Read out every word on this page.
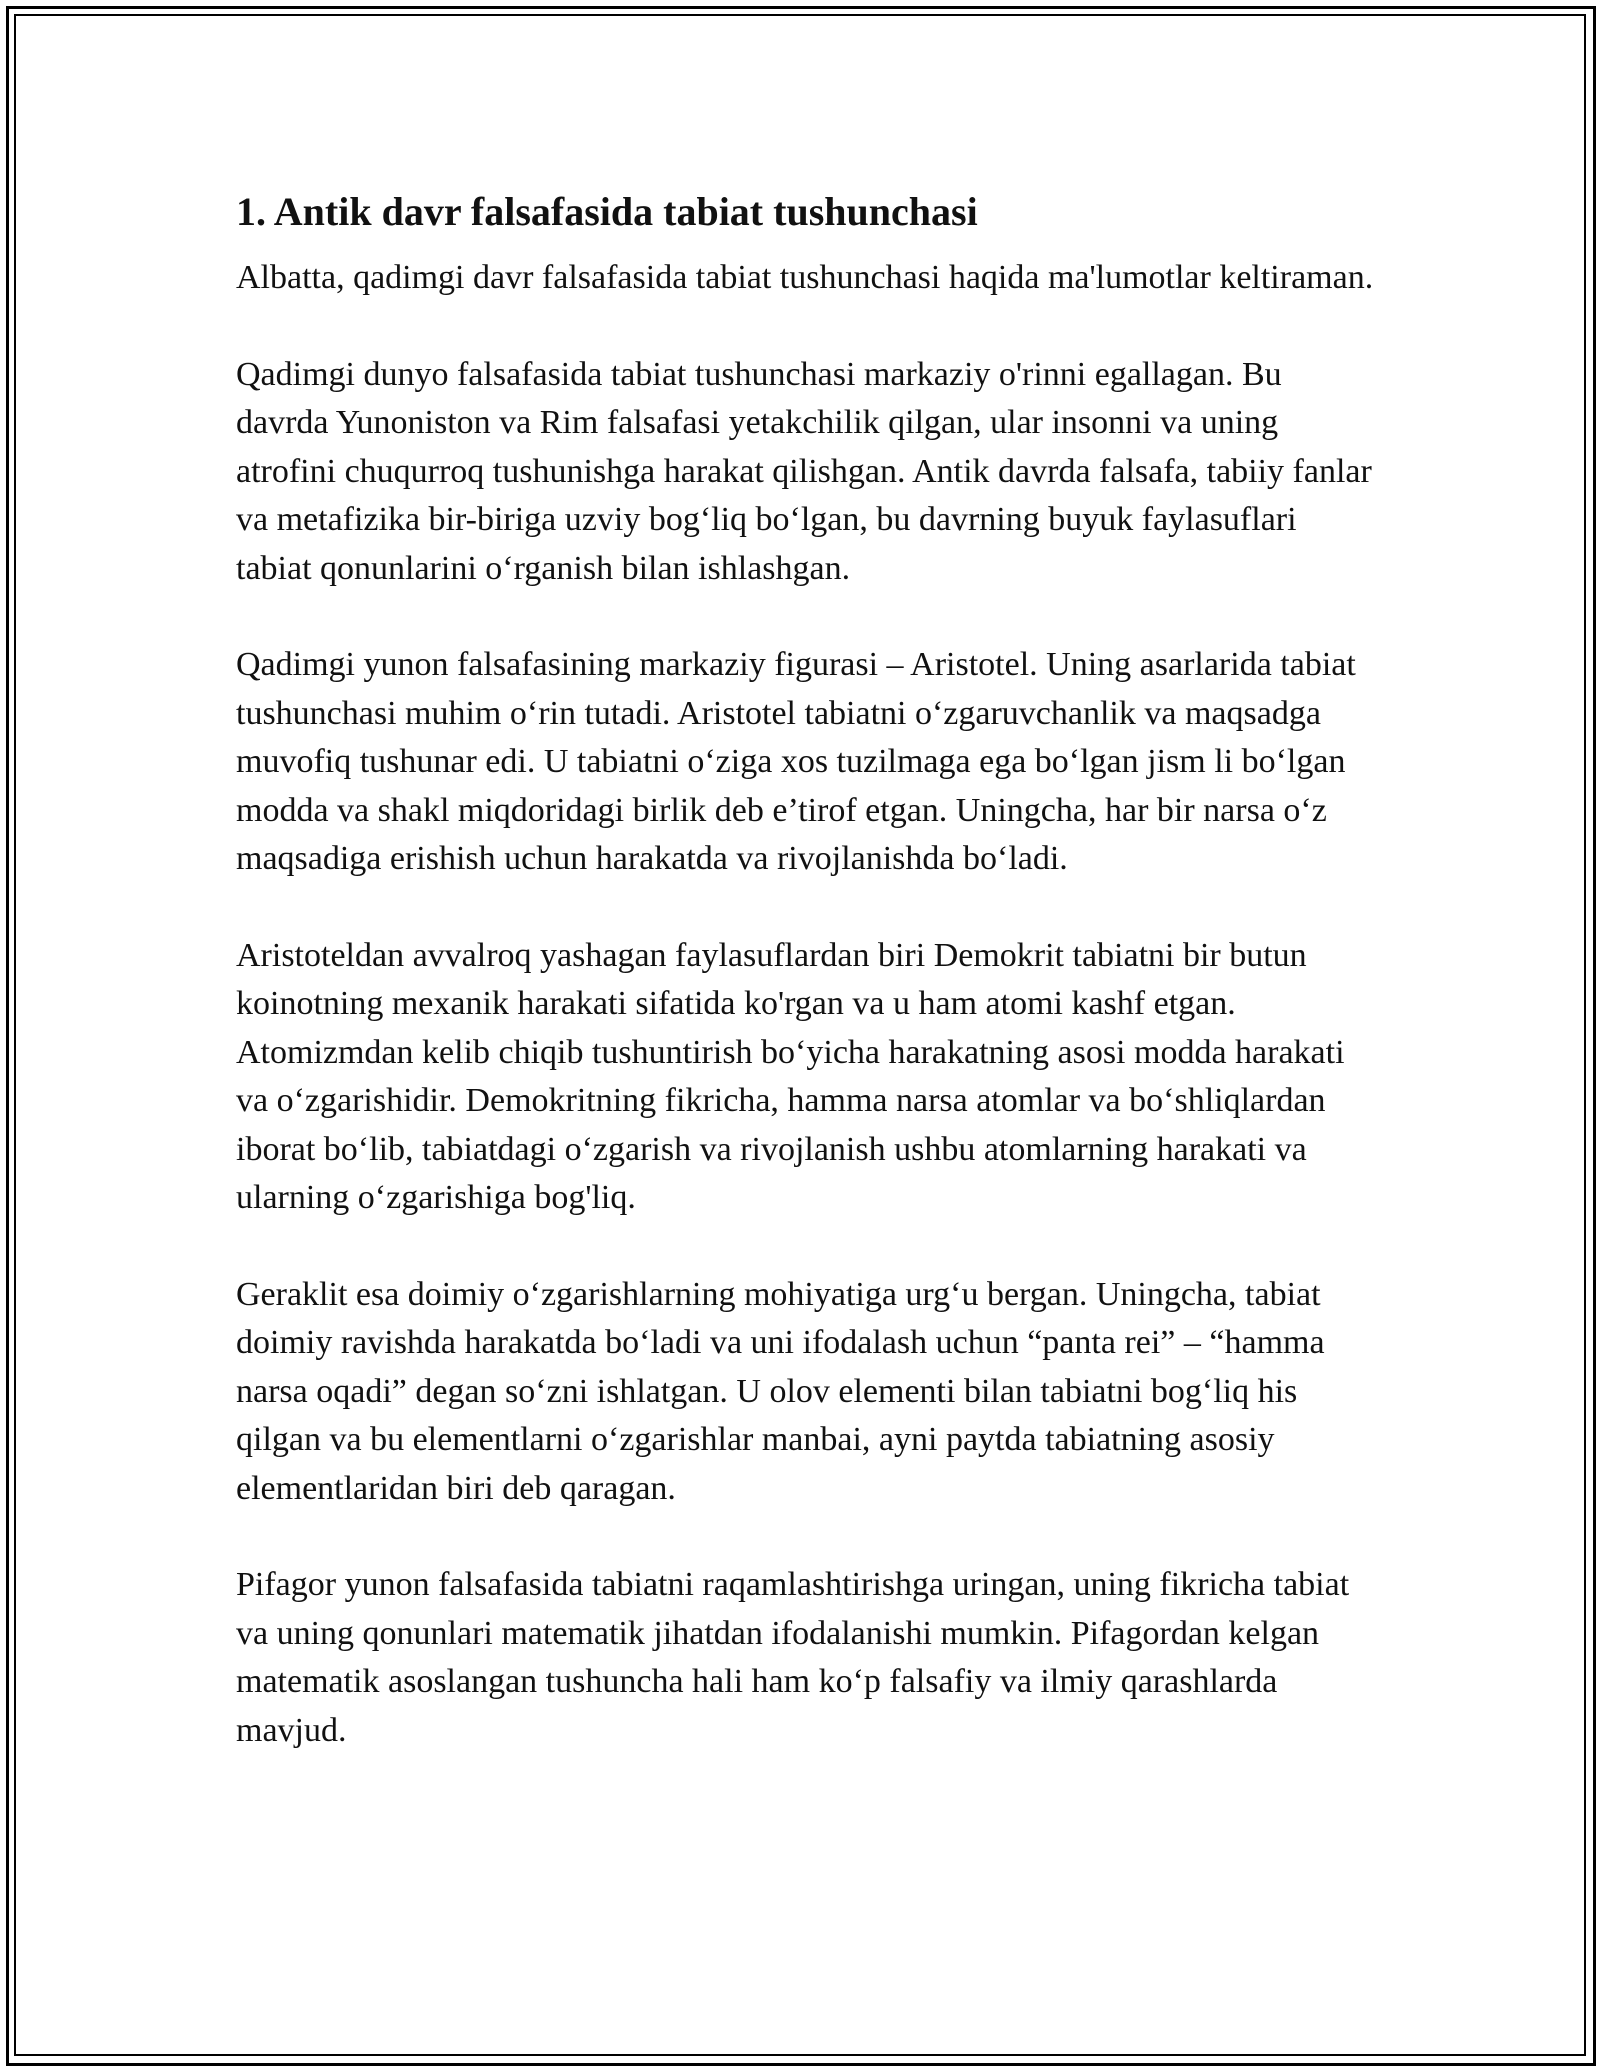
1. Antik davr falsafasida tabiat tushunchasi

Albatta, qadimgi davr falsafasida tabiat tushunchasi haqida ma'lumotlar keltiraman.

Qadimgi dunyo falsafasida tabiat tushunchasi markaziy o'rinni egallagan. Bu davrda Yunoniston va Rim falsafasi yetakchilik qilgan, ular insonni va uning atrofini chuqurroq tushunishga harakat qilishgan. Antik davrda falsafa, tabiiy fanlar va metafizika bir-biriga uzviy bog‘liq bo‘lgan, bu davrning buyuk faylasuflari tabiat qonunlarini o‘rganish bilan ishlashgan.

Qadimgi yunon falsafasining markaziy figurasi – Aristotel. Uning asarlarida tabiat tushunchasi muhim o‘rin tutadi. Aristotel tabiatni o‘zgaruvchanlik va maqsadga muvofiq tushunar edi. U tabiatni o‘ziga xos tuzilmaga ega bo‘lgan jism li bo‘lgan modda va shakl miqdoridagi birlik deb e’tirof etgan. Uningcha, har bir narsa o‘z maqsadiga erishish uchun harakatda va rivojlanishda bo‘ladi.

Aristoteldan avvalroq yashagan faylasuflardan biri Demokrit tabiatni bir butun koinotning mexanik harakati sifatida ko'rgan va u ham atomi kashf etgan. Atomizmdan kelib chiqib tushuntirish bo‘yicha harakatning asosi modda harakati va o‘zgarishidir. Demokritning fikricha, hamma narsa atomlar va bo‘shliqlardan iborat bo‘lib, tabiatdagi o‘zgarish va rivojlanish ushbu atomlarning harakati va ularning o‘zgarishiga bog'liq.

Geraklit esa doimiy o‘zgarishlarning mohiyatiga urg‘u bergan. Uningcha, tabiat doimiy ravishda harakatda bo‘ladi va uni ifodalash uchun “panta rei” – “hamma narsa oqadi” degan so‘zni ishlatgan. U olov elementi bilan tabiatni bog‘liq his qilgan va bu elementlarni o‘zgarishlar manbai, ayni paytda tabiatning asosiy elementlaridan biri deb qaragan.

Pifagor yunon falsafasida tabiatni raqamlashtirishga uringan, uning fikricha tabiat va uning qonunlari matematik jihatdan ifodalanishi mumkin. Pifagordan kelgan matematik asoslangan tushuncha hali ham ko‘p falsafiy va ilmiy qarashlarda mavjud.
